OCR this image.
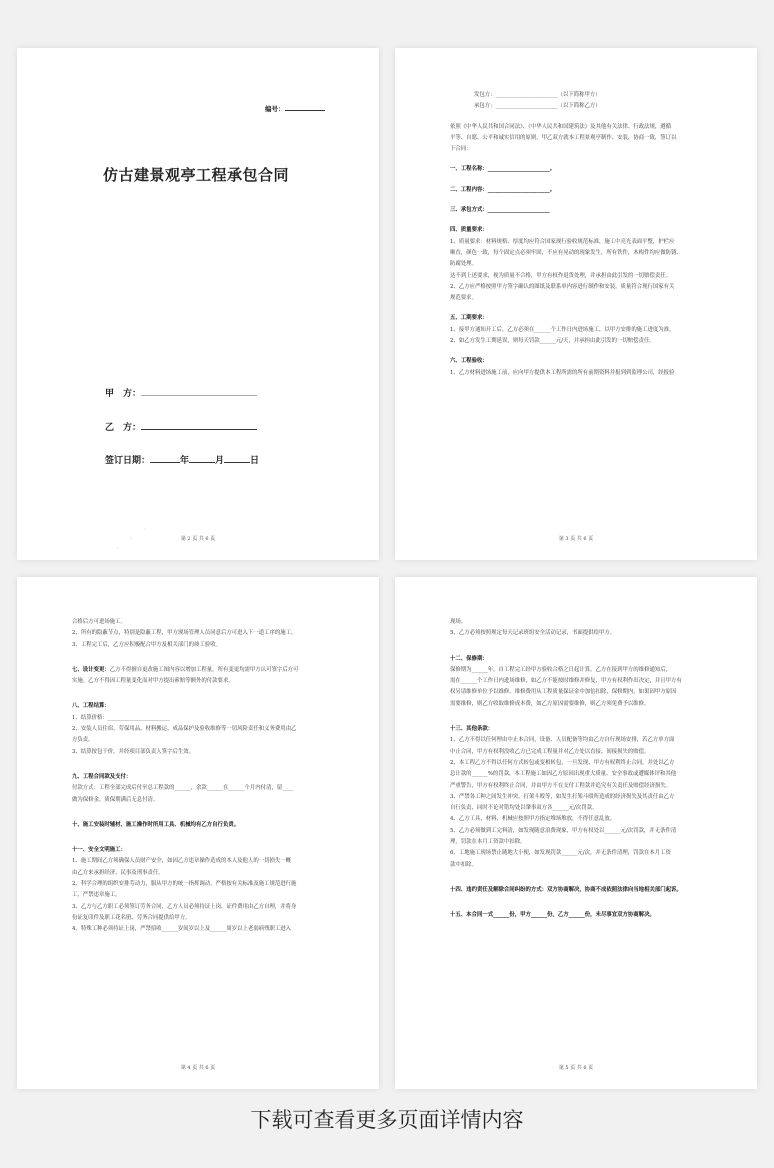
编号：
仿古建景观亭工程承包合同
甲　方：
乙　方：
签订日期：	年	月	日
第 2 页 共 6 页

发包方：_______________________（以下简称甲方）

承包方：_______________________（以下简称乙方）

依照《中华人民共和国合同法》、《中华人民共和国建筑法》及其他有关法律、行政法规，遵循

平等、自愿、公平和诚实信用的原则，甲乙双方就本工程景观亭制作、安装，协商一致，签订以

下合同：

一、工程名称：_______________________。

二、工程内容：_______________________。

三、承包方式：_______________________

四、质量要求：

1、质量要求：材料规格、厚度均应符合国家现行验收规范标准，施工中亮光表面平整，护栏应

顺直，颜色一致，每个固定点必须牢固，不应有晃动的现象发生，所有铁件，木构件均应做防锈、

防腐处理。

达不到上述要求，视为质量不合格，甲方有权作退货处理，并承担由此引发的一切赔偿责任。

2、乙方应严格按照甲方签字确认的图纸及联系单内容进行制作和安装，质量符合现行国家有关

规范要求。

五、工期要求：

1、接甲方通知开工后，乙方必须在______个工作日内进场施工，以甲方安排的施工进度为准。

2、如乙方发生工期延误，则每天罚款______元/天，并承担由此引发的一切赔偿责任。

六、工程验收：

1、乙方材料进场施工前，应向甲方提供本工程所需的所有前期资料并报到到监理公司，经报验

第 3 页 共 6 页

合格后方可进场施工。

2、所有的隐蔽节点，特别是隐蔽工程，甲方现场管理人员同意后方可进入下一道工序的施工。

3、工程完工后，乙方应积极配合甲方及相关部门的竣工验收。

七、设计变更：乙方不得擅自更改施工图内容以增加工程量，所有变更均需甲方认可签字后方可

实施。乙方不得因工程量变化而对甲方提出索赔等额外的付款要求。

八、工程结算：

1、结算价格：_______________________

2、安装人员住宿、劳保用品、材料搬运、成品保护及验收维修等一切风险责任和义务费用由乙

方负责。

3、结算按包干价，并经项目部负责人签字后生效。

九、工程合同款及支付：

付款方式：工程全部完成后付至总工程款的______，余款______在______个月内付清，留____

做为保修金，质保期满后无息付清。

十、施工安装时辅材、施工操作时所用工具、机械均有乙方自行负责。

十一、安全文明施工：

1、施工期间乙方须确保人员财产安全，如因乙方违章操作造成的本人及他人的一切损失一概

由乙方来承担经济、民事及刑事责任。

2、科学合理的组织安排劳动力，服从甲方的统一指挥调动，严格按有关标准及施工规范进行施

工，严禁违章施工。

3、乙方与乙方职工必须签订劳务合同，乙方人员必须持证上岗，证件费用由乙方自理，并将身

份证复印件及职工花名册、劳务合同提供给甲方。

4、特殊工种必须持证上岗，严禁招收______岁间岁以上及______周岁以上老弱病残职工进入

第 4 页 共 6 页

现场。

5、乙方必须按照规定每天记录班组安全活动记录，书面提供给甲方。

十二、保修期：

保修期为______年，自工程完工经甲方验收合格之日起计算，乙方在接到甲方的维修通知后，

需在______个工作日内进场维修，如乙方不能按时维修并修复，甲方有权利作出决定，并且甲方有

权另请维修单位予以维修，维修费用从工程质量保证金中加倍扣除，保修期内，如果因甲方原因

需要维修，则乙方收取维修成本费，如乙方原因需要维修，则乙方须免费予以维修。

十三、其他条款：

1、乙方不得以任何理由中止本合同，设备、人员配备等均由乙方自行现场安排，若乙方单方面

中止合同，甲方有权利没收乙方已完成工程量并对乙方处以直接、间接损失的赔偿。

2、本工程乙方不得以任何方式转包或变相转包，一旦发现，甲方有权利终止合同，并处以乙方

总计款的______%的罚款，本工程施工如因乙方原因出现重大质量、安全事故或遭媒体评和其他

严重警告，甲方有权利终止合同，并由甲方不在支付工程款并追究有关责任及赔偿经济损失。

3、严禁各工种之间发生冲突，打架斗殴等，如发生打架斗殴所造成的经济损失及其责任由乙方

自行负责，同时不论对错均处以肇事双方各______元/次罚款。

4、乙方工具、材料、机械应按照甲方指定堆场堆放，不得任意乱放。

5、乙方必须做到工完料清，如发现随意浪费现象，甲方有权处以______元/次罚款，并无条件清

理，罚款在本月工资款中扣除。

6、工地施工现场禁止随地大小便，如发现罚款______元/次，并无条件清理，罚款在本月工资

款中扣除。

十四、违约责任及解除合同纠纷的方式：双方协商解决，协商不成依照法律向当地相关部门起诉。

十五、本合同一式______份，甲方______份，乙方______份，未尽事宜双方协商解决。

第 5 页 共 6 页
下载可查看更多页面详情内容
